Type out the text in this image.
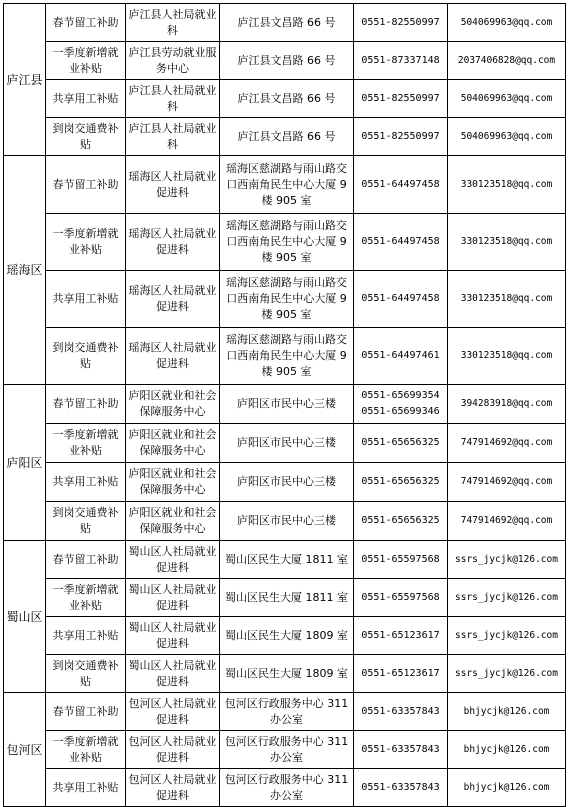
庐江县	春节留工补助	庐江县人社局就业科	庐江县文昌路 66 号	0551-82550997	504069963@qq.com
	一季度新增就业补贴	庐江县劳动就业服务中心	庐江县文昌路 66 号	0551-87337148	2037406828@qq.com
	共享用工补贴	庐江县人社局就业科	庐江县文昌路 66 号	0551-82550997	504069963@qq.com
	到岗交通费补贴	庐江县人社局就业科	庐江县文昌路 66 号	0551-82550997	504069963@qq.com
瑶海区	春节留工补助	瑶海区人社局就业促进科	瑶海区慈湖路与雨山路交口西南角民生中心大厦 9 楼 905 室	0551-64497458	330123518@qq.com
	一季度新增就业补贴	瑶海区人社局就业促进科	瑶海区慈湖路与雨山路交口西南角民生中心大厦 9 楼 905 室	0551-64497458	330123518@qq.com
	共享用工补贴	瑶海区人社局就业促进科	瑶海区慈湖路与雨山路交口西南角民生中心大厦 9 楼 905 室	0551-64497458	330123518@qq.com
	到岗交通费补贴	瑶海区人社局就业促进科	瑶海区慈湖路与雨山路交口西南角民生中心大厦 9 楼 905 室	0551-64497461	330123518@qq.com
庐阳区	春节留工补助	庐阳区就业和社会保障服务中心	庐阳区市民中心三楼	0551-65699354 0551-65699346	394283918@qq.com
	一季度新增就业补贴	庐阳区就业和社会保障服务中心	庐阳区市民中心三楼	0551-65656325	747914692@qq.com
	共享用工补贴	庐阳区就业和社会保障服务中心	庐阳区市民中心三楼	0551-65656325	747914692@qq.com
	到岗交通费补贴	庐阳区就业和社会保障服务中心	庐阳区市民中心三楼	0551-65656325	747914692@qq.com
蜀山区	春节留工补助	蜀山区人社局就业促进科	蜀山区民生大厦 1811 室	0551-65597568	ssrs_jycjk@126.com
	一季度新增就业补贴	蜀山区人社局就业促进科	蜀山区民生大厦 1811 室	0551-65597568	ssrs_jycjk@126.com
	共享用工补贴	蜀山区人社局就业促进科	蜀山区民生大厦 1809 室	0551-65123617	ssrs_jycjk@126.com
	到岗交通费补贴	蜀山区人社局就业促进科	蜀山区民生大厦 1809 室	0551-65123617	ssrs_jycjk@126.com
包河区	春节留工补助	包河区人社局就业促进科	包河区行政服务中心 311 办公室	0551-63357843	bhjycjk@126.com
	一季度新增就业补贴	包河区人社局就业促进科	包河区行政服务中心 311 办公室	0551-63357843	bhjycjk@126.com
	共享用工补贴	包河区人社局就业促进科	包河区行政服务中心 311 办公室	0551-63357843	bhjycjk@126.com
